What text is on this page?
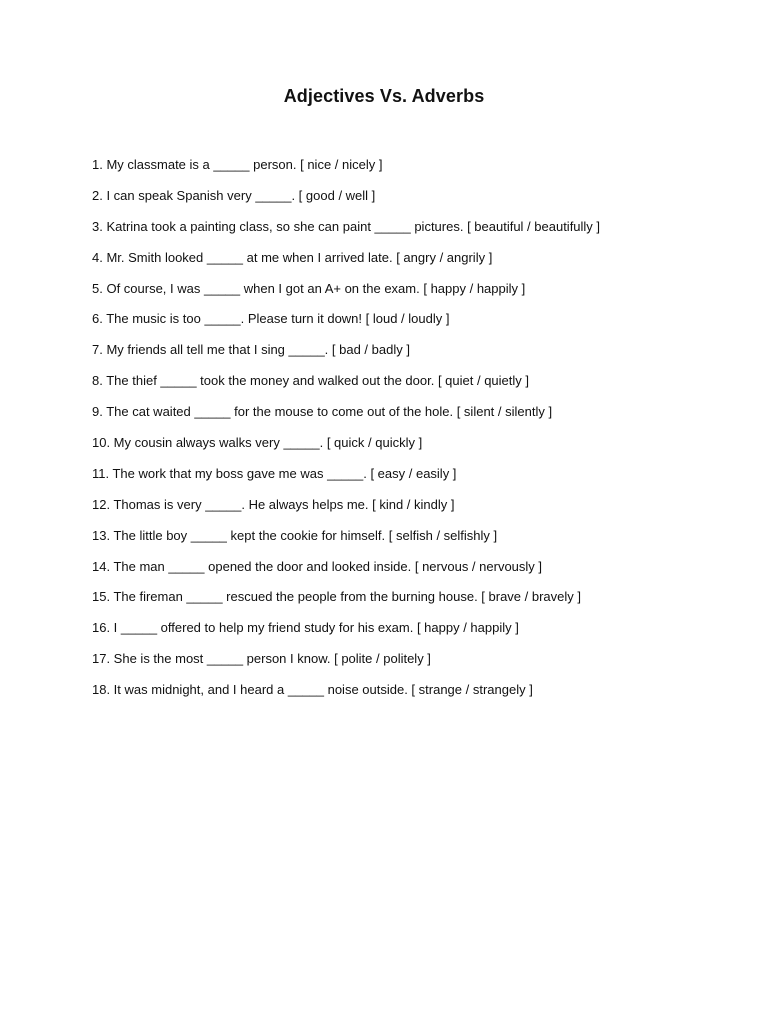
Adjectives Vs. Adverbs
1. My classmate is a _____ person. [ nice / nicely ]
2. I can speak Spanish very _____. [ good / well ]
3. Katrina took a painting class, so she can paint _____ pictures. [ beautiful / beautifully ]
4. Mr. Smith looked _____ at me when I arrived late. [ angry / angrily ]
5. Of course, I was _____ when I got an A+ on the exam. [ happy / happily ]
6. The music is too _____. Please turn it down! [ loud / loudly ]
7. My friends all tell me that I sing _____. [ bad / badly ]
8. The thief _____ took the money and walked out the door. [ quiet / quietly ]
9. The cat waited _____ for the mouse to come out of the hole. [ silent / silently ]
10. My cousin always walks very _____. [ quick / quickly ]
11. The work that my boss gave me was _____. [ easy / easily ]
12. Thomas is very _____. He always helps me. [ kind / kindly ]
13. The little boy _____ kept the cookie for himself. [ selfish / selfishly ]
14. The man _____ opened the door and looked inside. [ nervous / nervously ]
15. The fireman _____ rescued the people from the burning house. [ brave / bravely ]
16. I _____ offered to help my friend study for his exam. [ happy / happily ]
17. She is the most _____ person I know. [ polite / politely ]
18. It was midnight, and I heard a _____ noise outside. [ strange / strangely ]
